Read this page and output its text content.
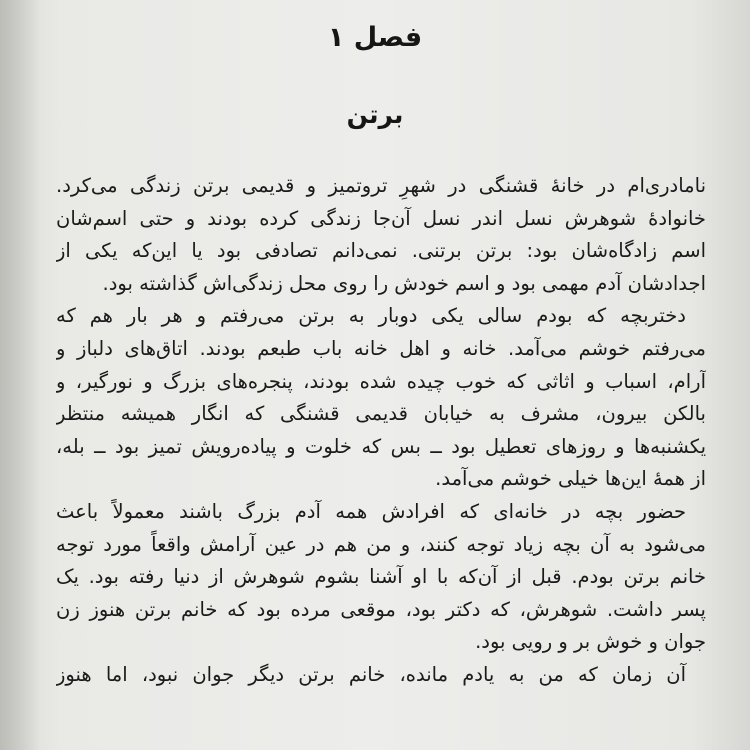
فصل ۱
برتن
نامادری‌ام در خانۀ قشنگی در شهرِ تروتمیز و قدیمی برتن زندگی می‌کرد.
خانوادۀ شوهرش نسل اندر نسل آن‌جا زندگی کرده بودند و حتی اسم‌شان
اسم زادگاه‌شان بود: برتن برتنی. نمی‌دانم تصادفی بود یا این‌که یکی از
اجدادشان آدم مهمی بود و اسم خودش را روی محل زندگی‌اش گذاشته بود.
دختربچه که بودم سالی یکی دوبار به برتن می‌رفتم و هر بار هم که
می‌رفتم خوشم می‌آمد. خانه و اهل خانه باب طبعم بودند. اتاق‌های دلباز و
آرام، اسباب و اثاثی که خوب چیده شده بودند، پنجره‌های بزرگ و نورگیر، و
بالکن بیرون، مشرف به خیابان قدیمی قشنگی که انگار همیشه منتظر
یکشنبه‌ها و روزهای تعطیل بود ــ بس که خلوت و پیاده‌رویش تمیز بود ــ بله،
از همۀ این‌ها خیلی خوشم می‌آمد.
حضور بچه در خانه‌ای که افرادش همه آدم بزرگ باشند معمولاً باعث
می‌شود به آن بچه زیاد توجه کنند، و من هم در عین آرامش واقعاً مورد توجه
خانم برتن بودم. قبل از آن‌که با او آشنا بشوم شوهرش از دنیا رفته بود. یک
پسر داشت. شوهرش، که دکتر بود، موقعی مرده بود که خانم برتن هنوز زن
جوان و خوش بر و رویی بود.
آن زمان که من به یادم مانده، خانم برتن دیگر جوان نبود، اما هنوز
